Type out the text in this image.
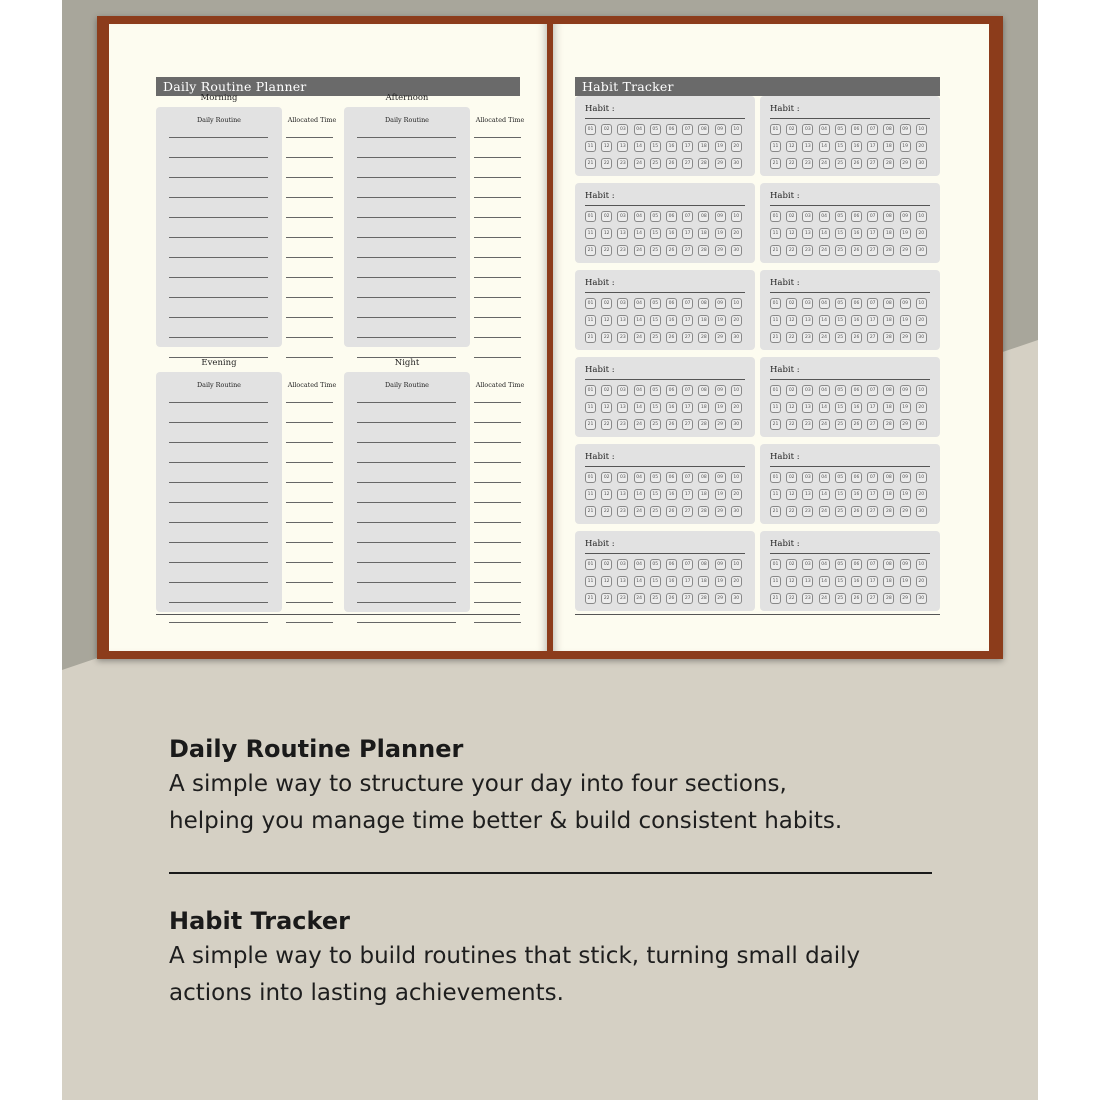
Daily Routine Planner
Morning
Daily Routine	Allocated Time
Afternoon
Daily Routine	Allocated Time
Evening
Daily Routine	Allocated Time
Night
Daily Routine	Allocated Time
Habit Tracker
Habit :
01	02	03	04	05	06	07	08	09	10
11	12	13	14	15	16	17	18	19	20
21	22	23	24	25	26	27	28	29	30
Habit :
01	02	03	04	05	06	07	08	09	10
11	12	13	14	15	16	17	18	19	20
21	22	23	24	25	26	27	28	29	30
Habit :
01	02	03	04	05	06	07	08	09	10
11	12	13	14	15	16	17	18	19	20
21	22	23	24	25	26	27	28	29	30
Habit :
01	02	03	04	05	06	07	08	09	10
11	12	13	14	15	16	17	18	19	20
21	22	23	24	25	26	27	28	29	30
Habit :
01	02	03	04	05	06	07	08	09	10
11	12	13	14	15	16	17	18	19	20
21	22	23	24	25	26	27	28	29	30
Habit :
01	02	03	04	05	06	07	08	09	10
11	12	13	14	15	16	17	18	19	20
21	22	23	24	25	26	27	28	29	30
Habit :
01	02	03	04	05	06	07	08	09	10
11	12	13	14	15	16	17	18	19	20
21	22	23	24	25	26	27	28	29	30
Habit :
01	02	03	04	05	06	07	08	09	10
11	12	13	14	15	16	17	18	19	20
21	22	23	24	25	26	27	28	29	30
Habit :
01	02	03	04	05	06	07	08	09	10
11	12	13	14	15	16	17	18	19	20
21	22	23	24	25	26	27	28	29	30
Habit :
01	02	03	04	05	06	07	08	09	10
11	12	13	14	15	16	17	18	19	20
21	22	23	24	25	26	27	28	29	30
Habit :
01	02	03	04	05	06	07	08	09	10
11	12	13	14	15	16	17	18	19	20
21	22	23	24	25	26	27	28	29	30
Habit :
01	02	03	04	05	06	07	08	09	10
11	12	13	14	15	16	17	18	19	20
21	22	23	24	25	26	27	28	29	30
Daily Routine Planner
A simple way to structure your day into four sections,
helping you manage time better & build consistent habits.
Habit Tracker
A simple way to build routines that stick, turning small daily
actions into lasting achievements.
